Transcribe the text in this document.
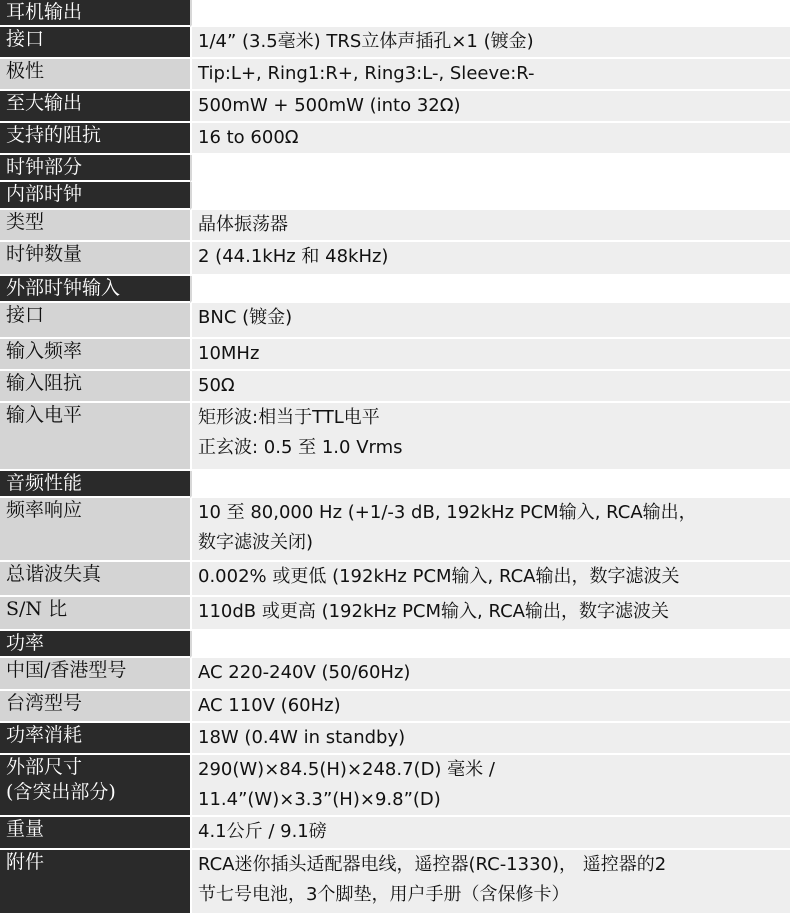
耳机输出	

接口	1/4” (3.5毫米) TRS立体声插孔×1 (镀金)

极性	Tip:L+, Ring1:R+, Ring3:L-, Sleeve:R-

至大输出	500mW + 500mW (into 32Ω)

支持的阻抗	16 to 600Ω

时钟部分	

内部时钟	

类型	晶体振荡器

时钟数量	2 (44.1kHz 和 48kHz)

外部时钟输入	

接口	BNC (镀金)

输入频率	10MHz

输入阻抗	50Ω

输入电平	矩形波:相当于TTL电平
正玄波: 0.5 至 1.0 Vrms

音频性能	

频率响应	10 至 80,000 Hz (+1/-3 dB, 192kHz PCM输入, RCA输出，
数字滤波关闭)

总谐波失真	0.002% 或更低 (192kHz PCM输入, RCA输出，数字滤波关

S/N 比	110dB 或更高 (192kHz PCM输入, RCA输出，数字滤波关

功率	

中国/香港型号	AC 220-240V (50/60Hz)

台湾型号	AC 110V (60Hz)

功率消耗	18W (0.4W in standby)

外部尺寸
(含突出部分)	290(W)×84.5(H)×248.7(D) 毫米 /
11.4”(W)×3.3”(H)×9.8”(D)

重量	4.1公斤 / 9.1磅

附件	RCA迷你插头适配器电线，遥控器(RC-1330)， 遥控器的2
节七号电池，3个脚垫，用户手册（含保修卡）
